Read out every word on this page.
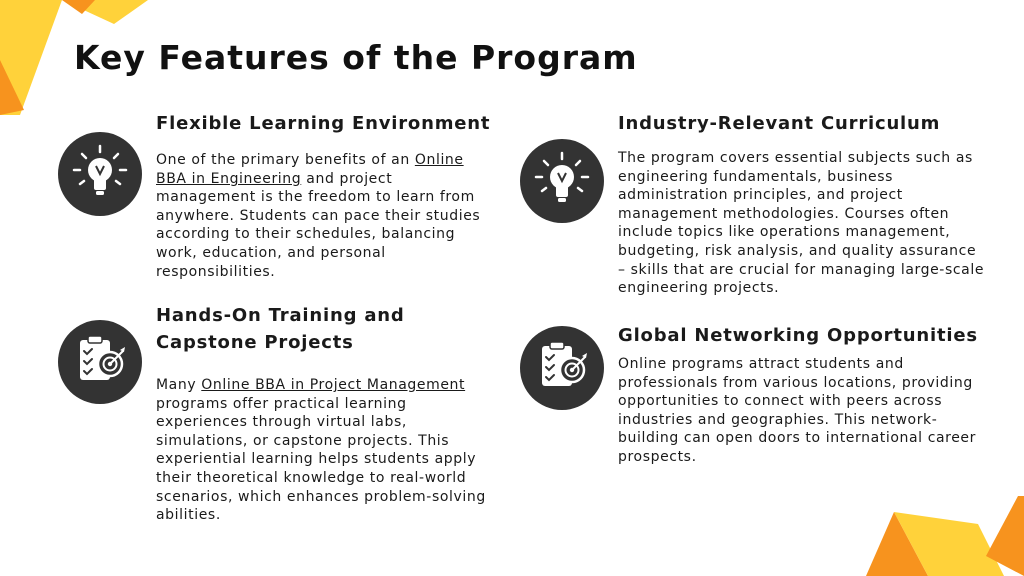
Key Features of the Program
Flexible Learning Environment

One of the primary benefits of an Online BBA in Engineering and project management is the freedom to learn from anywhere. Students can pace their studies according to their schedules, balancing work, education, and personal responsibilities.

Hands-On Training and Capstone Projects

Many Online BBA in Project Management programs offer practical learning experiences through virtual labs, simulations, or capstone projects. This experiential learning helps students apply their theoretical knowledge to real-world scenarios, which enhances problem-solving abilities.

Industry-Relevant Curriculum

The program covers essential subjects such as engineering fundamentals, business administration principles, and project management methodologies. Courses often include topics like operations management, budgeting, risk analysis, and quality assurance – skills that are crucial for managing large-scale engineering projects.

Global Networking Opportunities

Online programs attract students and professionals from various locations, providing opportunities to connect with peers across industries and geographies. This network-building can open doors to international career prospects.
